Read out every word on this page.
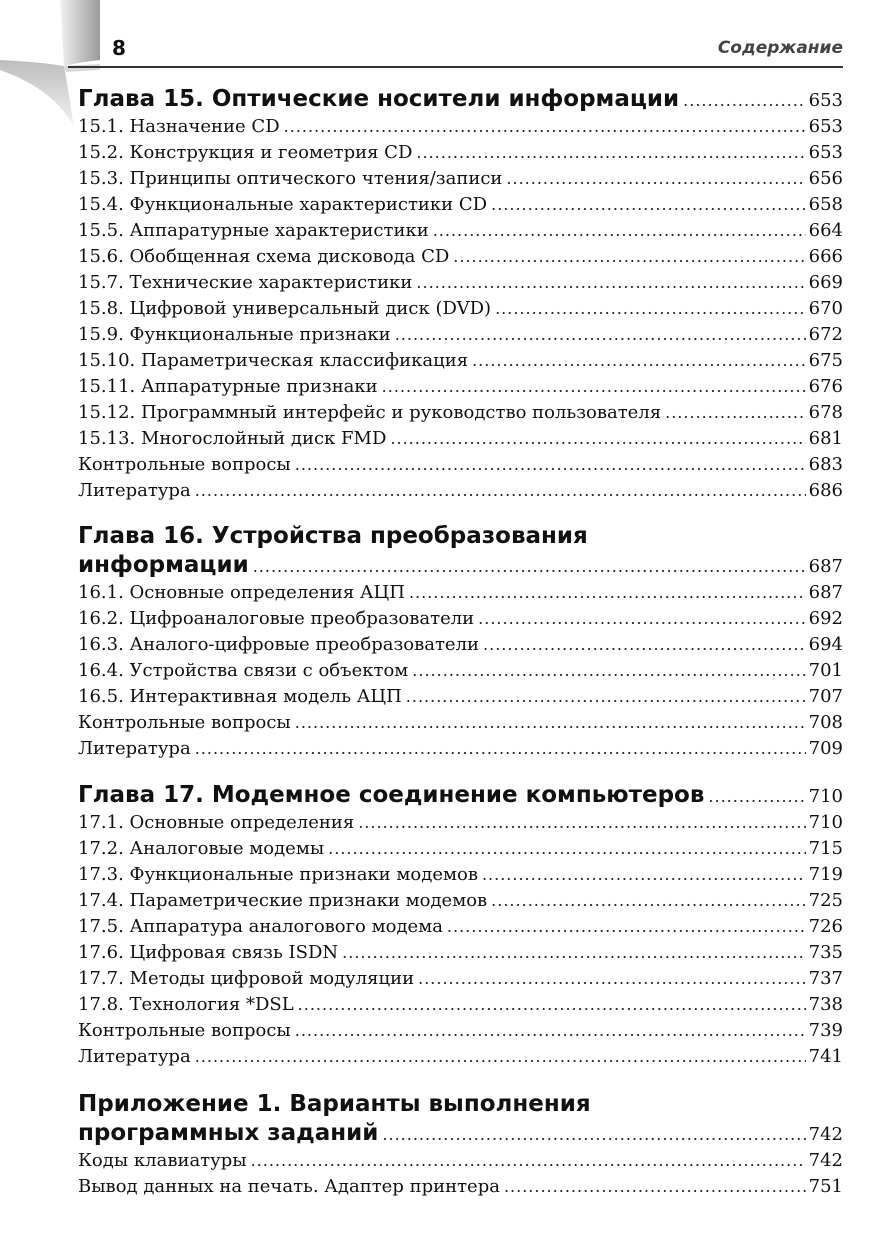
8	Содержание
Глава 15. Оптические носители информации .....	653
15.1. Назначение CD .....	653
15.2. Конструкция и геометрия CD .....	653
15.3. Принципы оптического чтения/записи .....	656
15.4. Функциональные характеристики CD .....	658
15.5. Аппаратурные характеристики .....	664
15.6. Обобщенная схема дисковода CD .....	666
15.7. Технические характеристики .....	669
15.8. Цифровой универсальный диск (DVD) .....	670
15.9. Функциональные признаки .....	672
15.10. Параметрическая классификация .....	675
15.11. Аппаратурные признаки .....	676
15.12. Программный интерфейс и руководство пользователя .....	678
15.13. Многослойный диск FMD .....	681
Контрольные вопросы .....	683
Литература .....	686
Глава 16. Устройства преобразования
информации .....	687
16.1. Основные определения АЦП .....	687
16.2. Цифроаналоговые преобразователи .....	692
16.3. Аналого-цифровые преобразователи .....	694
16.4. Устройства связи с объектом .....	701
16.5. Интерактивная модель АЦП .....	707
Контрольные вопросы .....	708
Литература .....	709
Глава 17. Модемное соединение компьютеров .....	710
17.1. Основные определения .....	710
17.2. Аналоговые модемы .....	715
17.3. Функциональные признаки модемов .....	719
17.4. Параметрические признаки модемов .....	725
17.5. Аппаратура аналогового модема .....	726
17.6. Цифровая связь ISDN .....	735
17.7. Методы цифровой модуляции .....	737
17.8. Технология *DSL .....	738
Контрольные вопросы .....	739
Литература .....	741
Приложение 1. Варианты выполнения
программных заданий .....	742
Коды клавиатуры .....	742
Вывод данных на печать. Адаптер принтера .....	751
